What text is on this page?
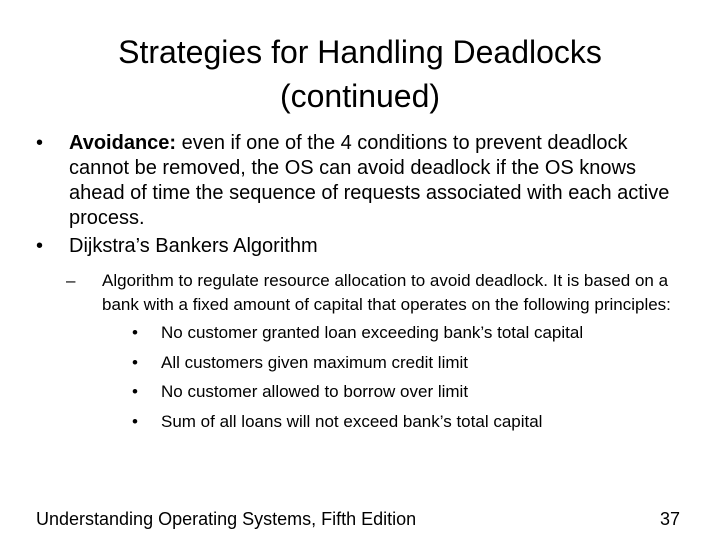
Strategies for Handling Deadlocks
(continued)
•	Avoidance: even if one of the 4 conditions to prevent deadlock cannot be removed, the OS can avoid deadlock if the OS knows ahead of time the sequence of requests associated with each active process.
•	Dijkstra’s Bankers Algorithm
–	Algorithm to regulate resource allocation to avoid deadlock. It is based on a bank with a fixed amount of capital that operates on the following principles:
• No customer granted loan exceeding bank’s total capital
• All customers given maximum credit limit
• No customer allowed to borrow over limit
• Sum of all loans will not exceed bank’s total capital
Understanding Operating Systems, Fifth Edition	37
